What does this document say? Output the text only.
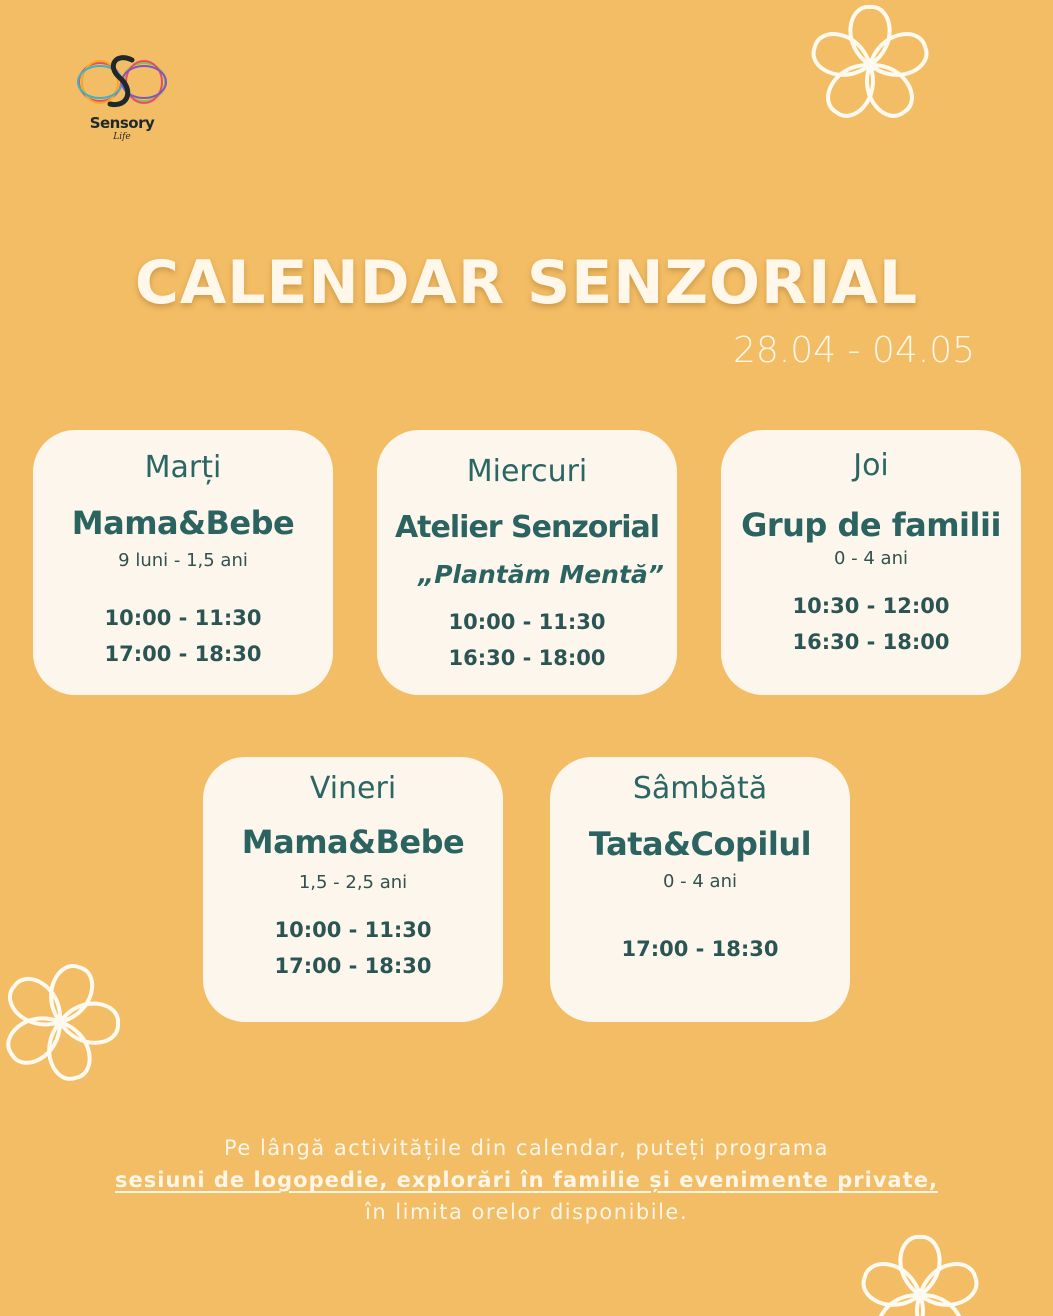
Sensory
Life
CALENDAR SENZORIAL
28.04 - 04.05
Marți
Mama&Bebe
9 luni - 1,5 ani
10:00 - 11:30
17:00 - 18:30
Miercuri
Atelier Senzorial
„Plantăm Mentă”
10:00 - 11:30
16:30 - 18:00
Joi
Grup de familii
0 - 4 ani
10:30 - 12:00
16:30 - 18:00
Vineri
Mama&Bebe
1,5 - 2,5 ani
10:00 - 11:30
17:00 - 18:30
Sâmbătă
Tata&Copilul
0 - 4 ani
17:00 - 18:30
Pe lângă activitățile din calendar, puteți programa
sesiuni de logopedie, explorări în familie și evenimente private,
în limita orelor disponibile.
